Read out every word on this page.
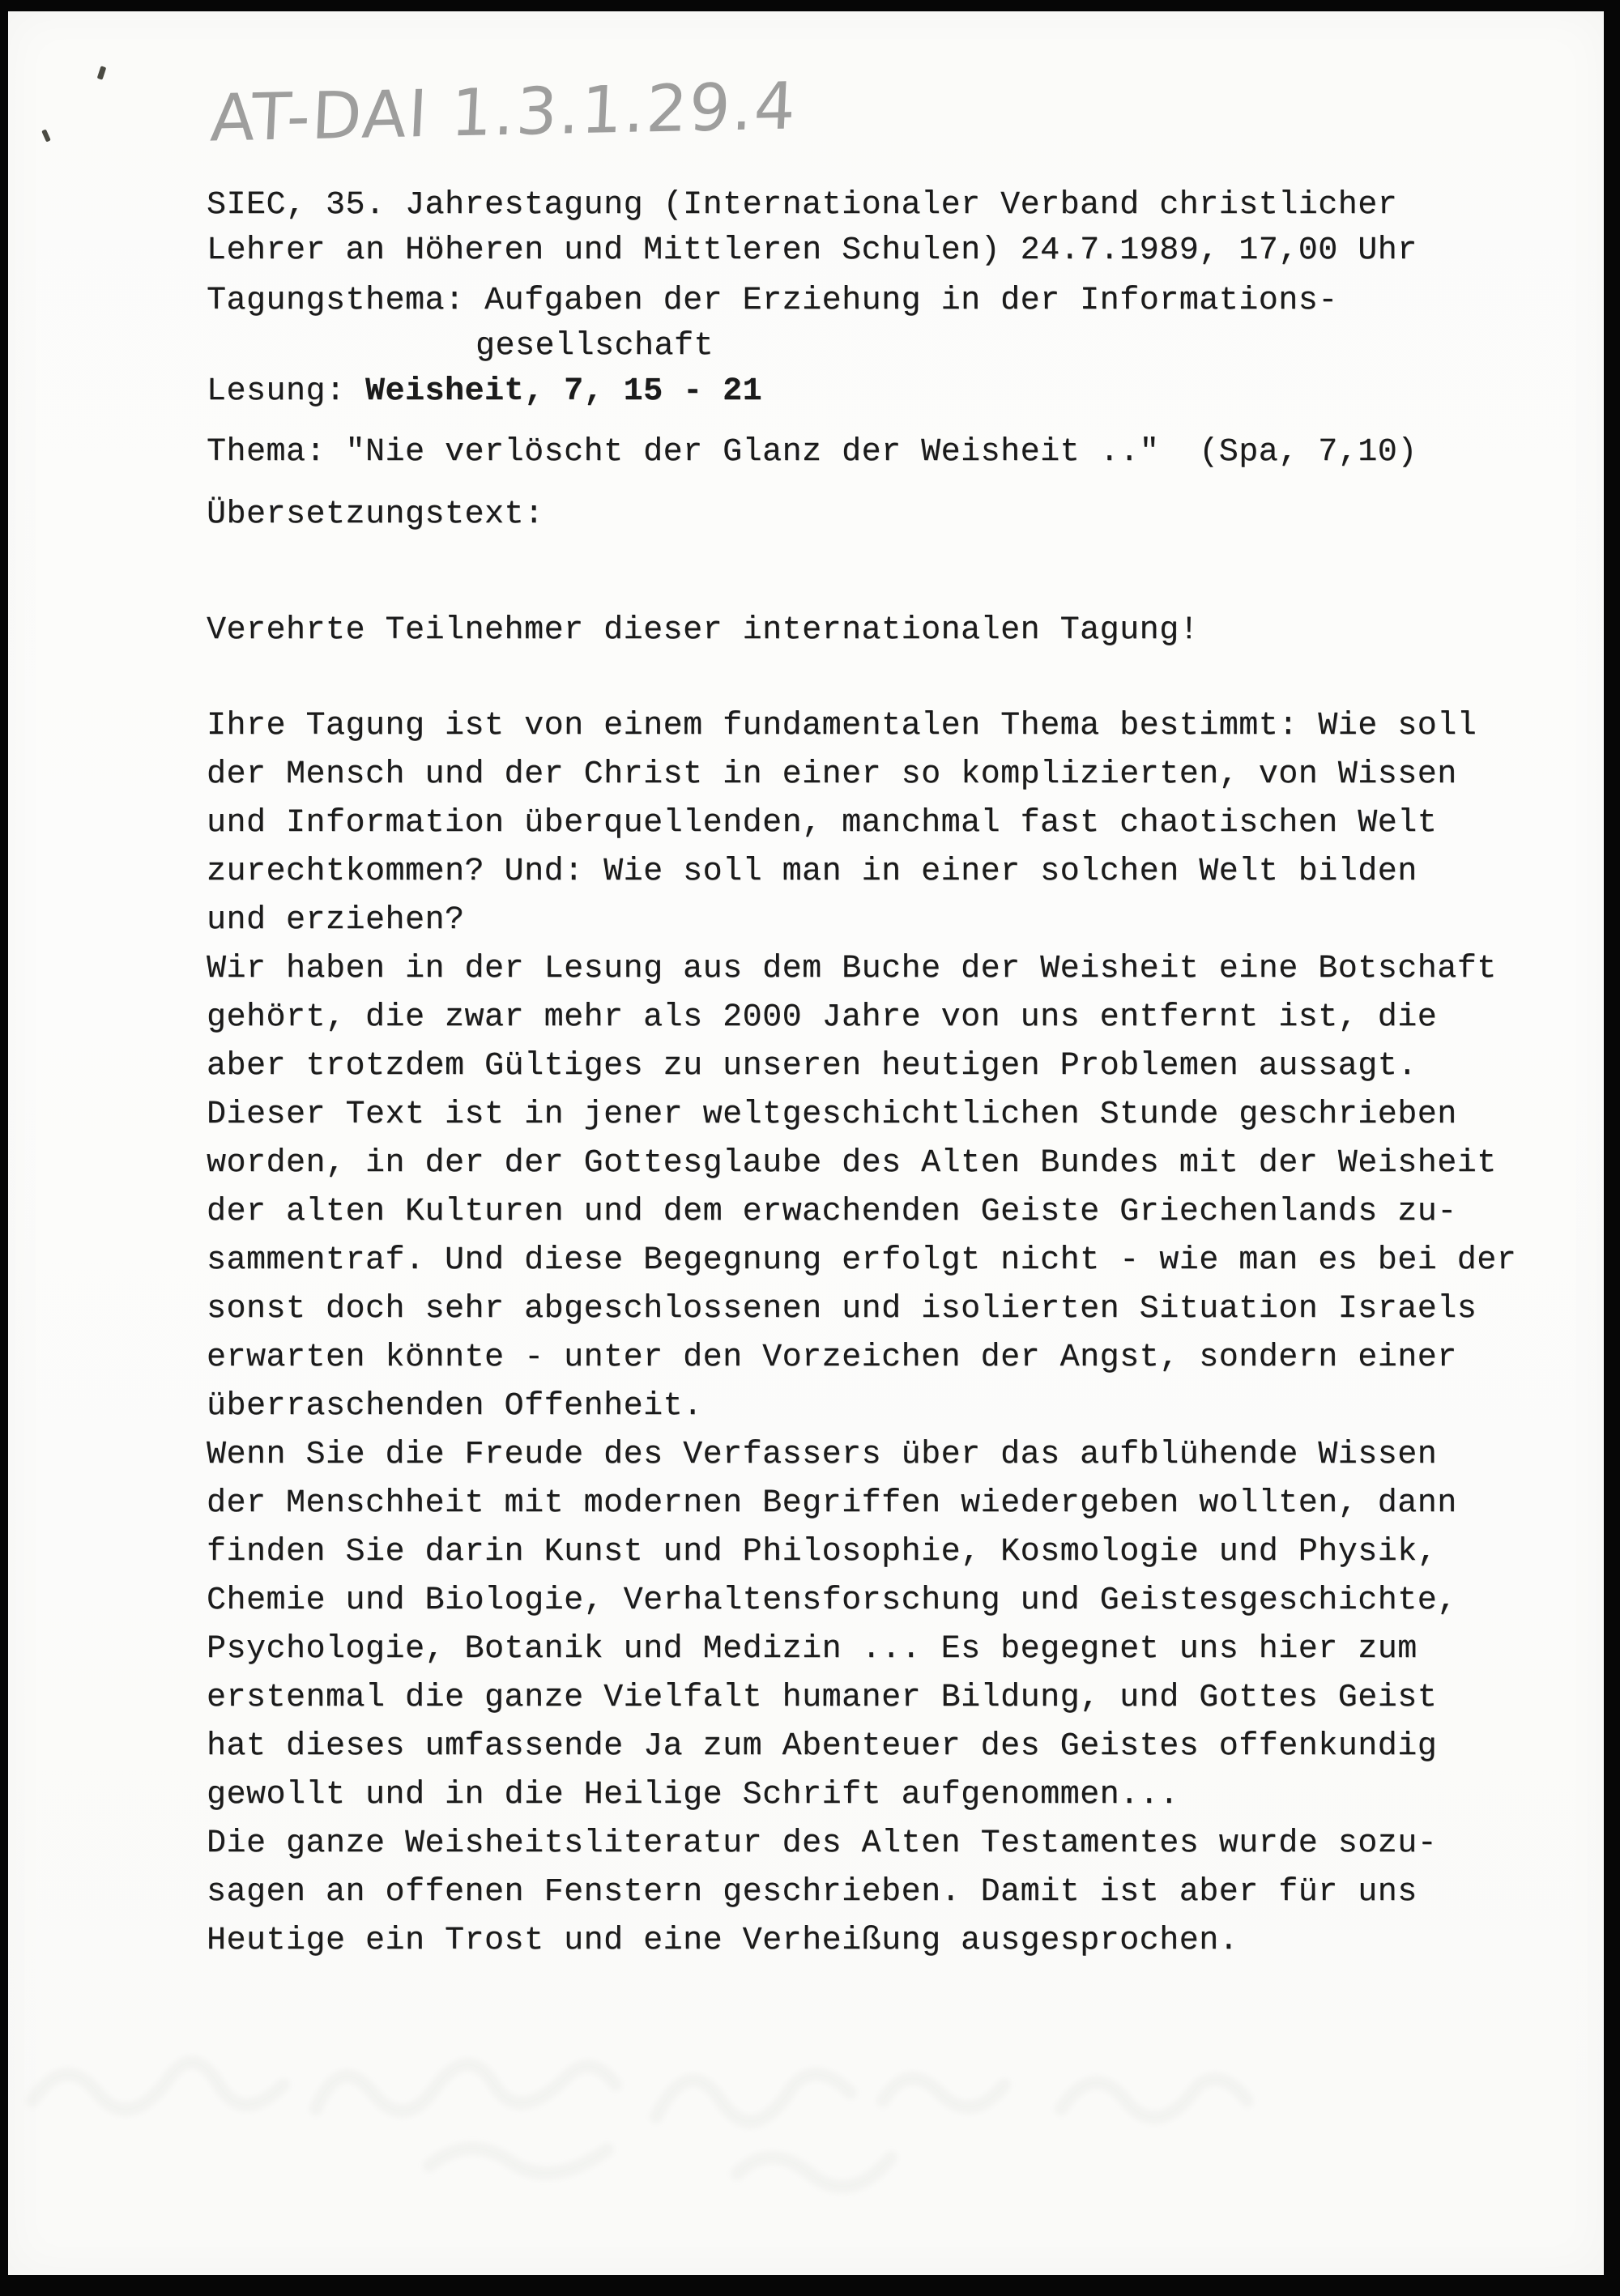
AT-DAI 1.3.1.29.4
SIEC, 35. Jahrestagung (Internationaler Verband christlicher
Lehrer an Höheren und Mittleren Schulen) 24.7.1989, 17,00 Uhr
Tagungsthema: Aufgaben der Erziehung in der Informations-
gesellschaft
Lesung: Weisheit, 7, 15 - 21
Thema: "Nie verlöscht der Glanz der Weisheit .."  (Spa, 7,10)
Übersetzungstext:
Verehrte Teilnehmer dieser internationalen Tagung!
Ihre Tagung ist von einem fundamentalen Thema bestimmt: Wie soll
der Mensch und der Christ in einer so komplizierten, von Wissen
und Information überquellenden, manchmal fast chaotischen Welt
zurechtkommen? Und: Wie soll man in einer solchen Welt bilden
und erziehen?
Wir haben in der Lesung aus dem Buche der Weisheit eine Botschaft
gehört, die zwar mehr als 2000 Jahre von uns entfernt ist, die
aber trotzdem Gültiges zu unseren heutigen Problemen aussagt.
Dieser Text ist in jener weltgeschichtlichen Stunde geschrieben
worden, in der der Gottesglaube des Alten Bundes mit der Weisheit
der alten Kulturen und dem erwachenden Geiste Griechenlands zu-
sammentraf. Und diese Begegnung erfolgt nicht - wie man es bei der
sonst doch sehr abgeschlossenen und isolierten Situation Israels
erwarten könnte - unter den Vorzeichen der Angst, sondern einer
überraschenden Offenheit.
Wenn Sie die Freude des Verfassers über das aufblühende Wissen
der Menschheit mit modernen Begriffen wiedergeben wollten, dann
finden Sie darin Kunst und Philosophie, Kosmologie und Physik,
Chemie und Biologie, Verhaltensforschung und Geistesgeschichte,
Psychologie, Botanik und Medizin ... Es begegnet uns hier zum
erstenmal die ganze Vielfalt humaner Bildung, und Gottes Geist
hat dieses umfassende Ja zum Abenteuer des Geistes offenkundig
gewollt und in die Heilige Schrift aufgenommen...
Die ganze Weisheitsliteratur des Alten Testamentes wurde sozu-
sagen an offenen Fenstern geschrieben. Damit ist aber für uns
Heutige ein Trost und eine Verheißung ausgesprochen.
